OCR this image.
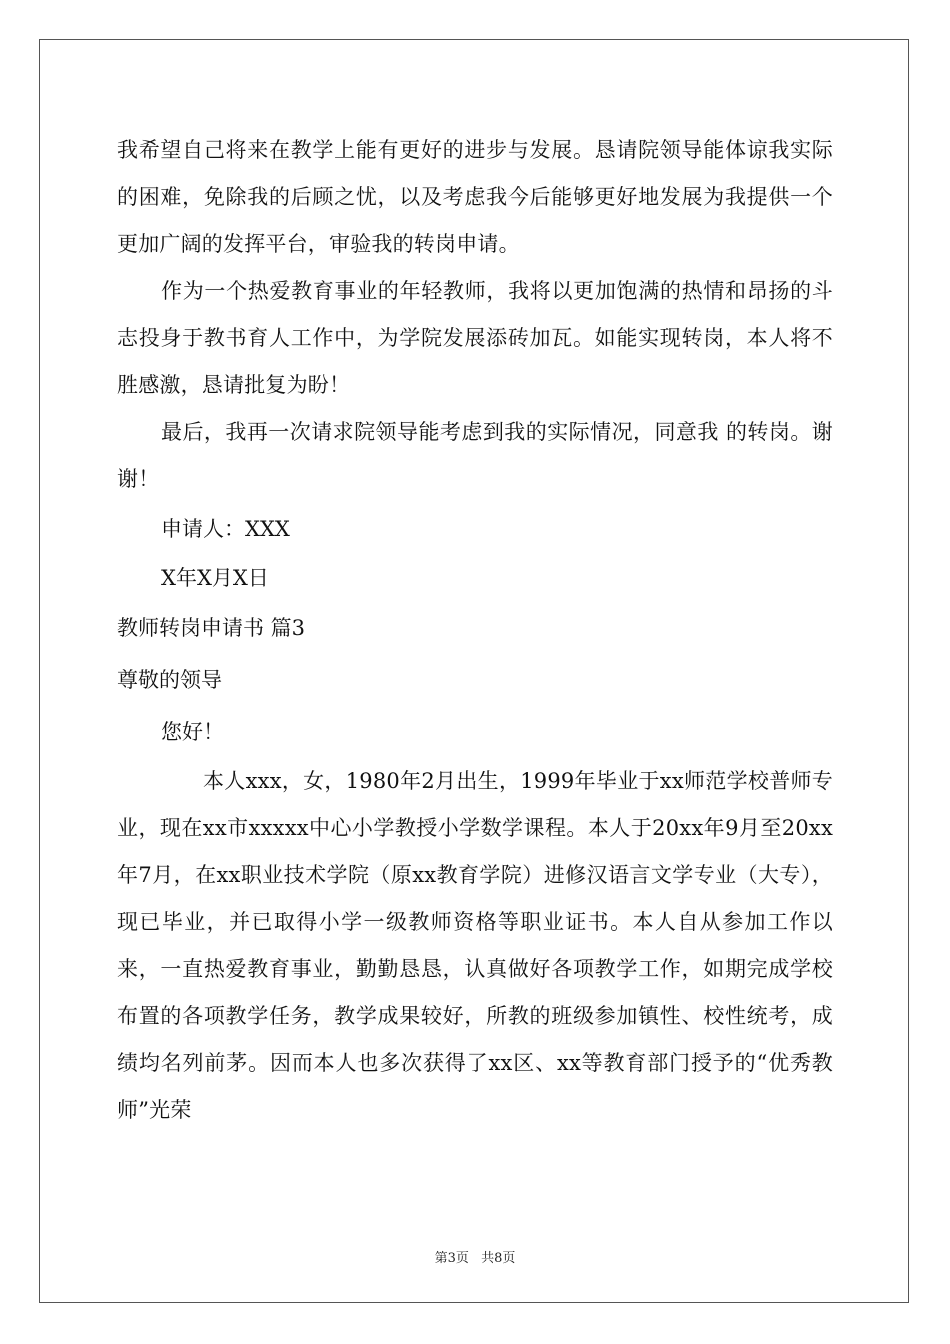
我希望自己将来在教学上能有更好的进步与发展。恳请院领导能体谅我实际的困难，免除我的后顾之忧，以及考虑我今后能够更好地发展为我提供一个更加广阔的发挥平台，审验我的转岗申请。

作为一个热爱教育事业的年轻教师，我将以更加饱满的热情和昂扬的斗志投身于教书育人工作中，为学院发展添砖加瓦。如能实现转岗，本人将不胜感激，恳请批复为盼！

最后，我再一次请求院领导能考虑到我的实际情况，同意我 的转岗。谢谢！

申请人：XXX

X年X月X日

教师转岗申请书 篇3

尊敬的领导

您好！

本人xxx，女，1980年2月出生，1999年毕业于xx师范学校普师专业，现在xx市xxxxx中心小学教授小学数学课程。本人于20xx年9月至20xx年7月，在xx职业技术学院（原xx教育学院）进修汉语言文学专业（大专），现已毕业，并已取得小学一级教师资格等职业证书。本人自从参加工作以来，一直热爱教育事业，勤勤恳恳，认真做好各项教学工作，如期完成学校布置的各项教学任务，教学成果较好，所教的班级参加镇性、校性统考，成绩均名列前茅。因而本人也多次获得了xx区、xx等教育部门授予的“优秀教师”光荣

第3页 共8页
